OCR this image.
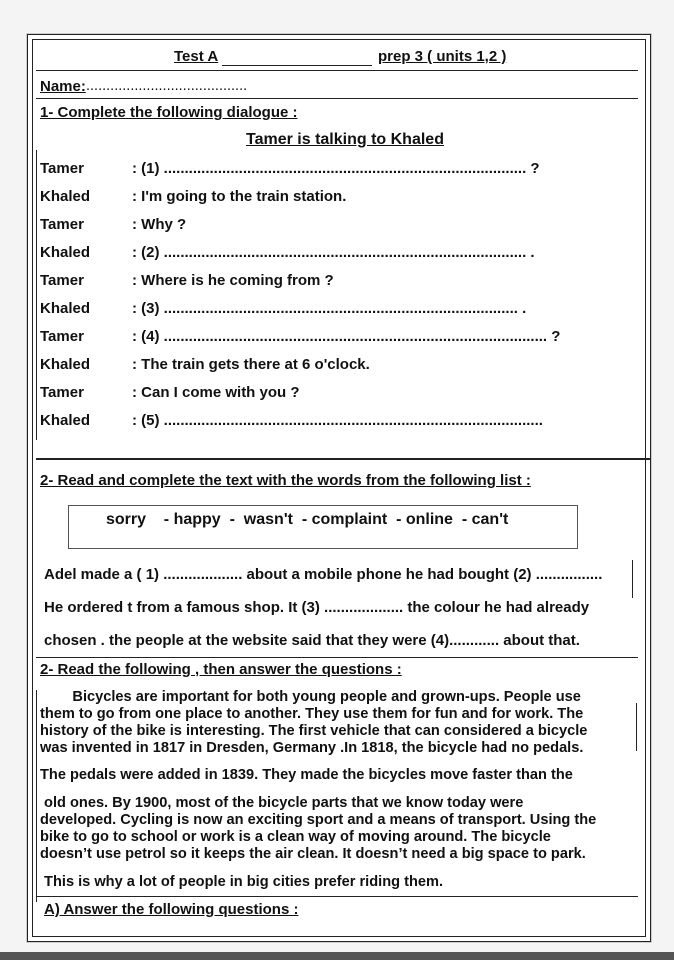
Test A	prep 3 ( units 1,2 )
Name: ........................................
1- Complete the following dialogue :
Tamer is talking to Khaled
Tamer	: (1) ....................................................................................... ?
Khaled	: I'm going to the train station.
Tamer	: Why ?
Khaled	: (2) ....................................................................................... .
Tamer	: Where is he coming from ?
Khaled	: (3) ..................................................................................... .
Tamer	: (4) ............................................................................................ ?
Khaled	: The train gets there at 6 o'clock.
Tamer	: Can I come with you ?
Khaled	: (5) ...........................................................................................
2- Read and complete the text with the words from the following list :
sorry    - happy  -  wasn't  - complaint  - online  - can't
Adel made a ( 1) ................... about a mobile phone he had bought (2) ................
He ordered t from a famous shop. It (3) ................... the colour he had already
chosen . the people at the website said that they were (4)............ about that.
2- Read the following , then answer the questions :
Bicycles are important for both young people and grown-ups. People use
them to go from one place to another. They use them for fun and for work. The
history of the bike is interesting. The first vehicle that can considered a bicycle
was invented in 1817 in Dresden, Germany .In 1818, the bicycle had no pedals.
The pedals were added in 1839. They made the bicycles move faster than the
old ones. By 1900, most of the bicycle parts that we know today were
developed. Cycling is now an exciting sport and a means of transport. Using the
bike to go to school or work is a clean way of moving around. The bicycle
doesn’t use petrol so it keeps the air clean. It doesn’t need a big space to park.
This is why a lot of people in big cities prefer riding them.
A) Answer the following questions :
